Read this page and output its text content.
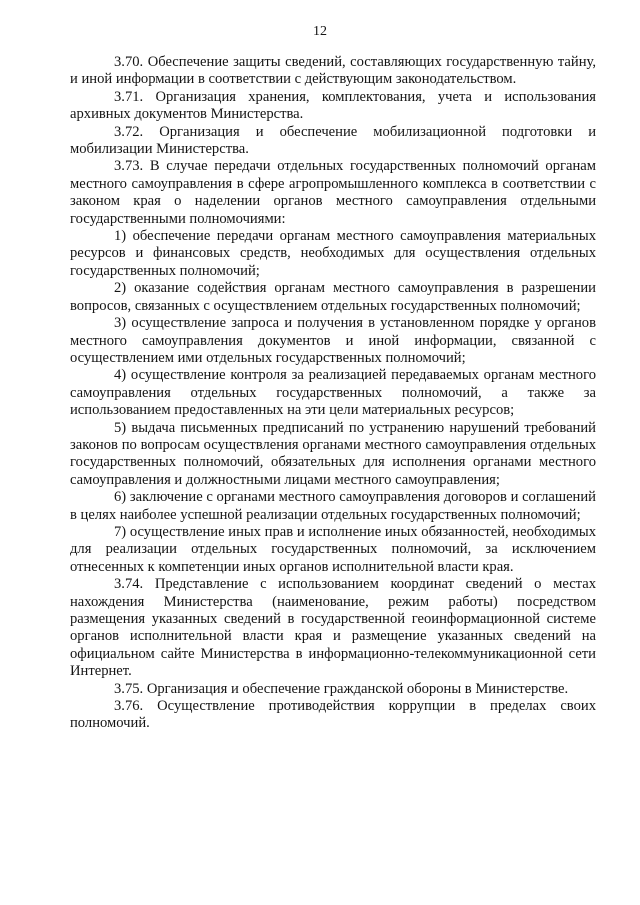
12

3.70. Обеспечение защиты сведений, составляющих государственную тайну, и иной информации в соответствии с действующим законодательством.

3.71. Организация хранения, комплектования, учета и использования архивных документов Министерства.

3.72. Организация и обеспечение мобилизационной подготовки и мобилизации Министерства.

3.73. В случае передачи отдельных государственных полномочий органам местного самоуправления в сфере агропромышленного комплекса в соответствии с законом края о наделении органов местного самоуправления отдельными государственными полномочиями:

1) обеспечение передачи органам местного самоуправления материальных ресурсов и финансовых средств, необходимых для осуществления отдельных государственных полномочий;

2) оказание содействия органам местного самоуправления в разрешении вопросов, связанных с осуществлением отдельных государственных полномочий;

3) осуществление запроса и получения в установленном порядке у органов местного самоуправления документов и иной информации, связанной с осуществлением ими отдельных государственных полномочий;

4) осуществление контроля за реализацией передаваемых органам местного самоуправления отдельных государственных полномочий, а также за использованием предоставленных на эти цели материальных ресурсов;

5) выдача письменных предписаний по устранению нарушений требований законов по вопросам осуществления органами местного самоуправления отдельных государственных полномочий, обязательных для исполнения органами местного самоуправления и должностными лицами местного самоуправления;

6) заключение с органами местного самоуправления договоров и соглашений в целях наиболее успешной реализации отдельных государственных полномочий;

7) осуществление иных прав и исполнение иных обязанностей, необходимых для реализации отдельных государственных полномочий, за исключением отнесенных к компетенции иных органов исполнительной власти края.

3.74. Представление с использованием координат сведений о местах нахождения Министерства (наименование, режим работы) посредством размещения указанных сведений в государственной геоинформационной системе органов исполнительной власти края и размещение указанных сведений на официальном сайте Министерства в информационно-телекоммуникационной сети Интернет.

3.75. Организация и обеспечение гражданской обороны в Министерстве.

3.76. Осуществление противодействия коррупции в пределах своих полномочий.
